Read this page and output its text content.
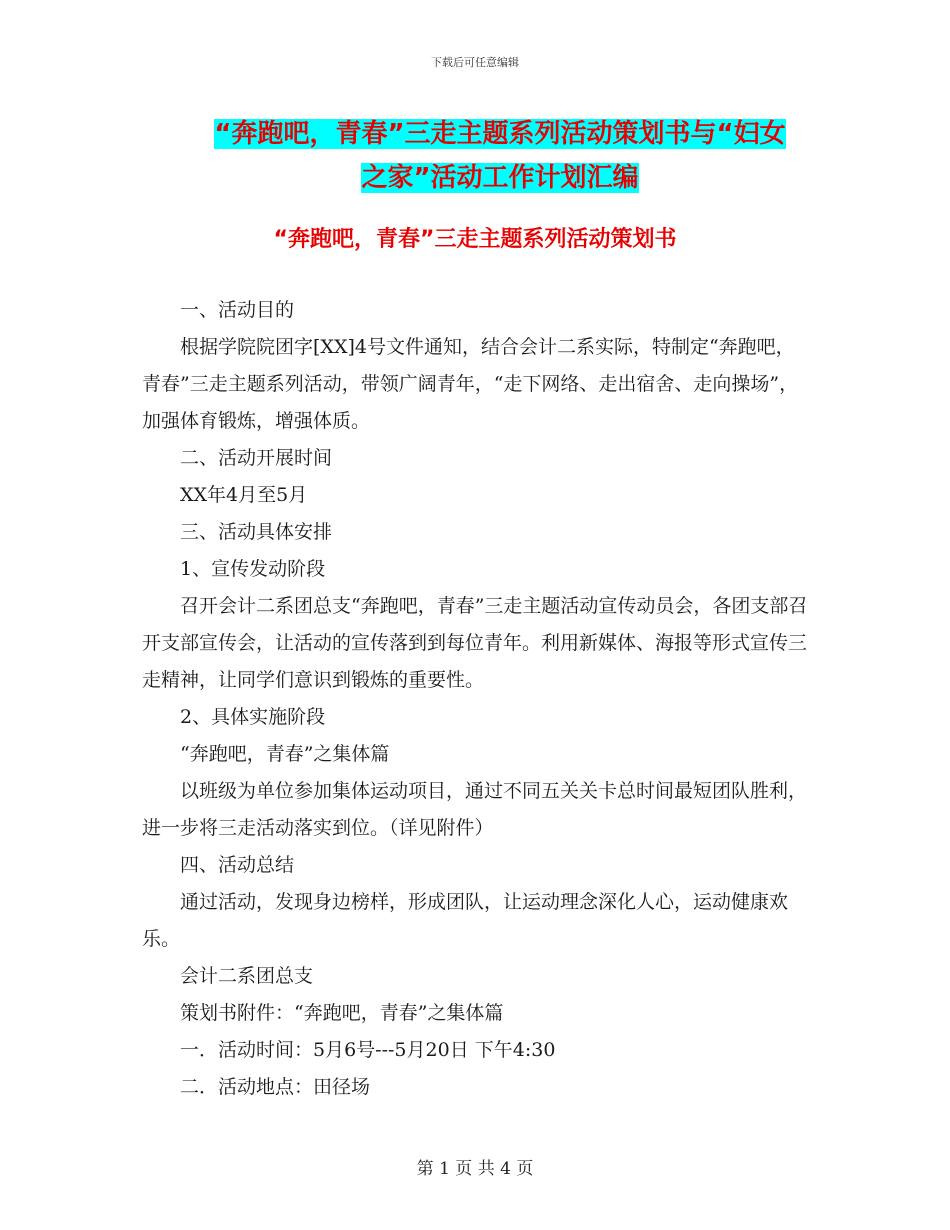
下载后可任意编辑
“奔跑吧，青春”三走主题系列活动策划书与“妇女
之家”活动工作计划汇编
“奔跑吧，青春”三走主题系列活动策划书

一、活动目的

根据学院院团字[XX]4号文件通知，结合会计二系实际，特制定“奔跑吧，青春”三走主题系列活动，带领广阔青年，“走下网络、走出宿舍、走向操场”，加强体育锻炼，增强体质。

二、活动开展时间

XX年4月至5月

三、活动具体安排

1、宣传发动阶段

召开会计二系团总支“奔跑吧，青春”三走主题活动宣传动员会，各团支部召开支部宣传会，让活动的宣传落到到每位青年。利用新媒体、海报等形式宣传三走精神，让同学们意识到锻炼的重要性。

2、具体实施阶段

“奔跑吧，青春”之集体篇

以班级为单位参加集体运动项目，通过不同五关关卡总时间最短团队胜利，进一步将三走活动落实到位。（详见附件）

四、活动总结

通过活动，发现身边榜样，形成团队，让运动理念深化人心，运动健康欢乐。

会计二系团总支

策划书附件：“奔跑吧，青春”之集体篇

一．活动时间：5月6号---5月20日 下午4:30

二．活动地点：田径场

第 1 页 共 4 页
